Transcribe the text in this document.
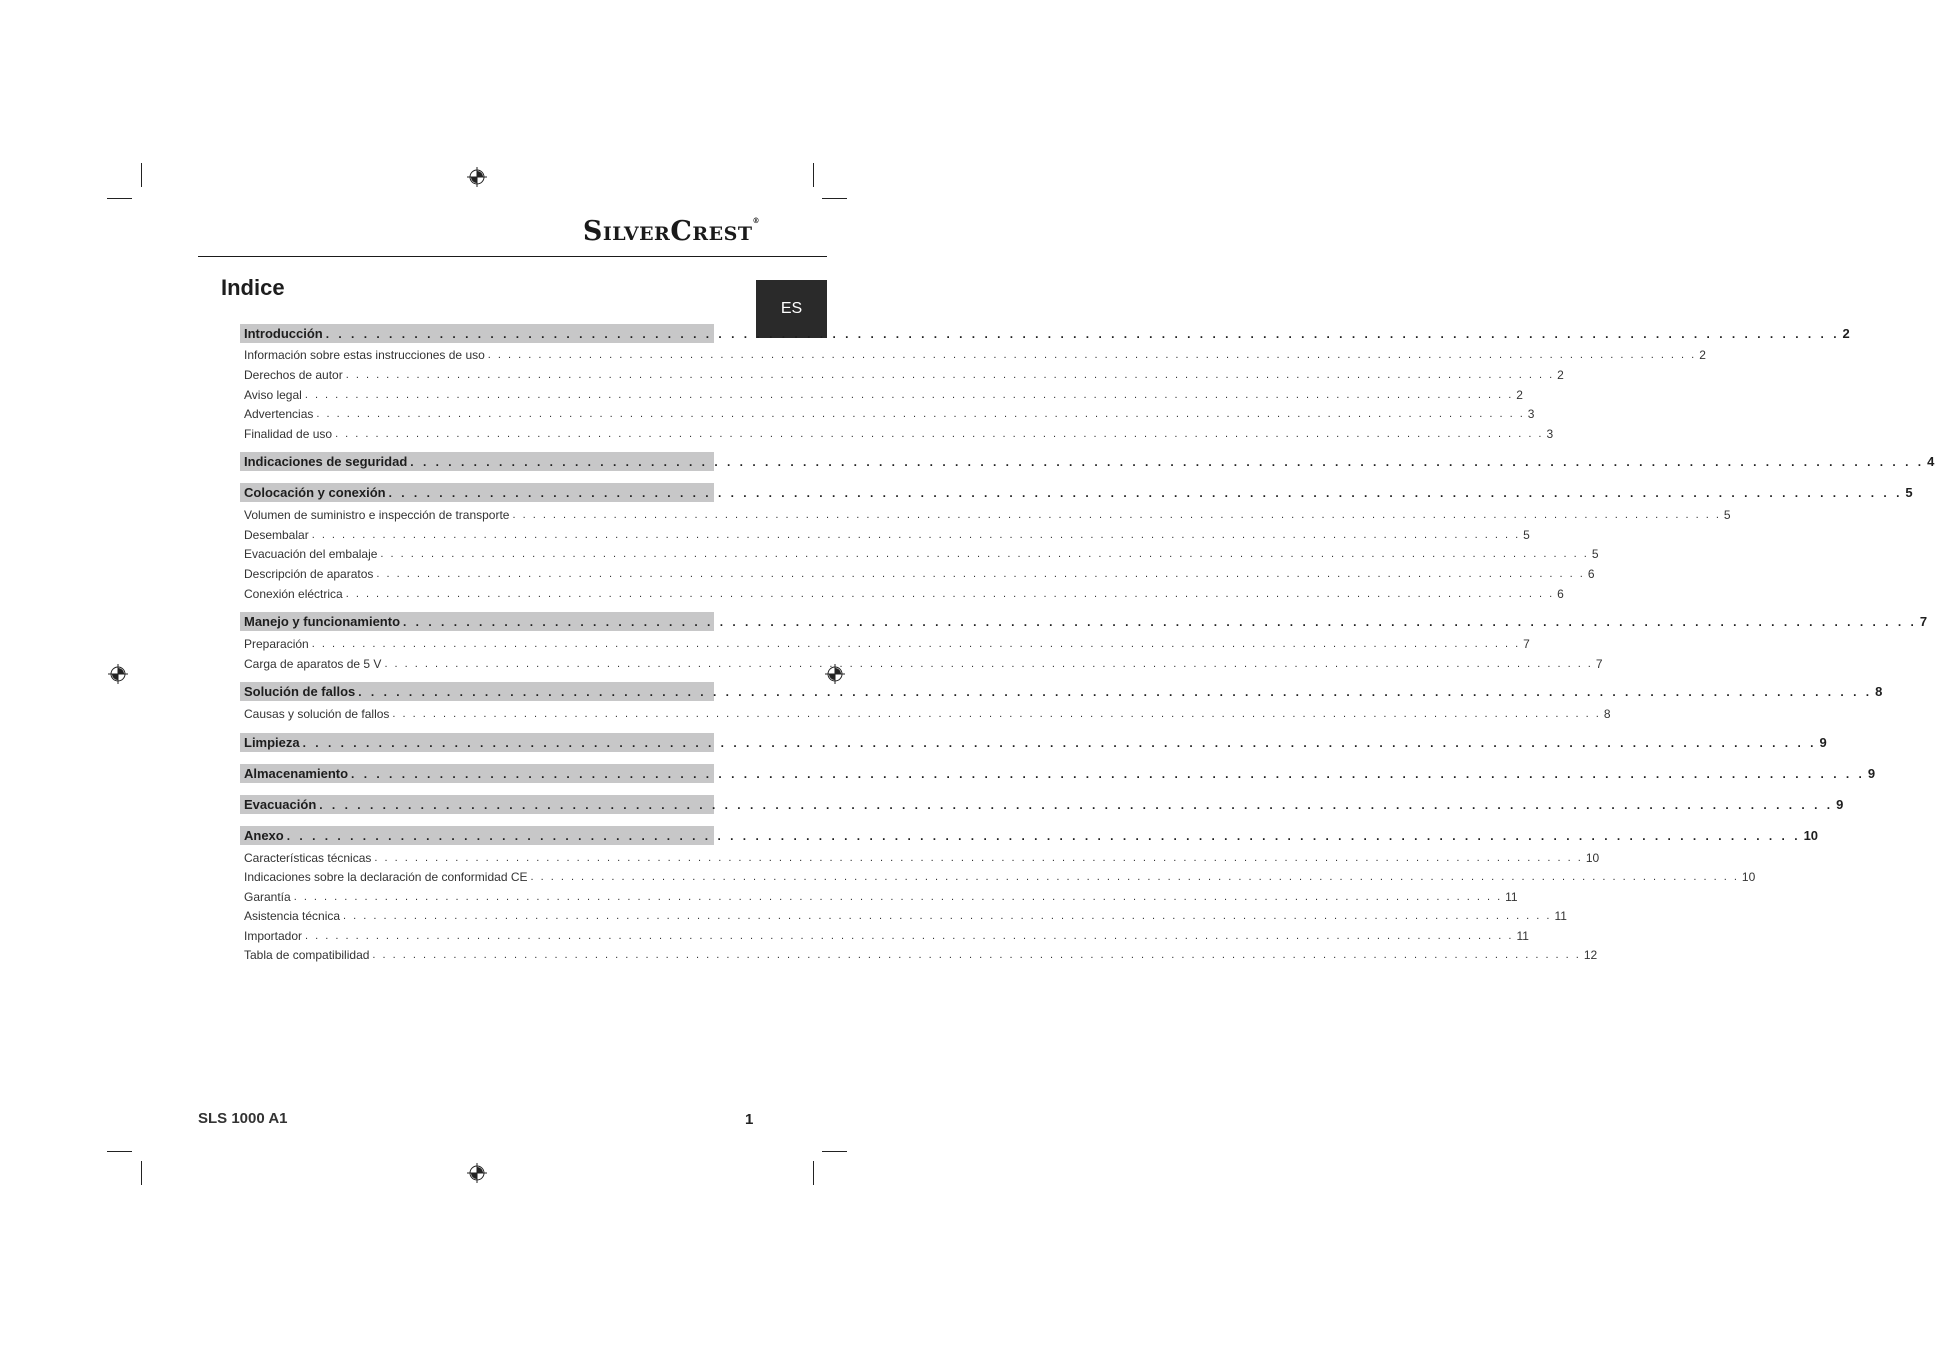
SILVERCREST®
Indice
ES
Introducción . . . . . . . . . . . . . . . . . . . . . . . . . . . . . . . . . . . . . . . . . . . . . . . . . . . . . . . . . . . . . . . . . . . . . . . . . . . . . . . . . . . . . . . . . . . . . . . . . . . . . . . . . . . . . . . . . . . . . . . . 2
Información sobre estas instrucciones de uso . . . . . . . . . . . . . . . . . . . . . . . . . . . . . . . . . . . . . . . . . . . . . . . . . . . . . . . . . . . . . . . . . . . . . . . . . . . . . . . . . . . . . . . . . . . . . . . . . . . . . . . . . . . . . . . . . . . . . . . . 2
Derechos de autor . . . . . . . . . . . . . . . . . . . . . . . . . . . . . . . . . . . . . . . . . . . . . . . . . . . . . . . . . . . . . . . . . . . . . . . . . . . . . . . . . . . . . . . . . . . . . . . . . . . . . . . . . . . . . . . . . . . . . . . . 2
Aviso legal . . . . . . . . . . . . . . . . . . . . . . . . . . . . . . . . . . . . . . . . . . . . . . . . . . . . . . . . . . . . . . . . . . . . . . . . . . . . . . . . . . . . . . . . . . . . . . . . . . . . . . . . . . . . . . . . . . . . . . . . 2
Advertencias . . . . . . . . . . . . . . . . . . . . . . . . . . . . . . . . . . . . . . . . . . . . . . . . . . . . . . . . . . . . . . . . . . . . . . . . . . . . . . . . . . . . . . . . . . . . . . . . . . . . . . . . . . . . . . . . . . . . . . . . 3
Finalidad de uso . . . . . . . . . . . . . . . . . . . . . . . . . . . . . . . . . . . . . . . . . . . . . . . . . . . . . . . . . . . . . . . . . . . . . . . . . . . . . . . . . . . . . . . . . . . . . . . . . . . . . . . . . . . . . . . . . . . . . . . . 3
Indicaciones de seguridad . . . . . . . . . . . . . . . . . . . . . . . . . . . . . . . . . . . . . . . . . . . . . . . . . . . . . . . . . . . . . . . . . . . . . . . . . . . . . . . . . . . . . . . . . . . . . . . . . . . . . . . . . . . . . . . . . . . . . . . . 4
Colocación y conexión . . . . . . . . . . . . . . . . . . . . . . . . . . . . . . . . . . . . . . . . . . . . . . . . . . . . . . . . . . . . . . . . . . . . . . . . . . . . . . . . . . . . . . . . . . . . . . . . . . . . . . . . . . . . . . . . . . . . . . . . 5
Volumen de suministro e inspección de transporte . . . . . . . . . . . . . . . . . . . . . . . . . . . . . . . . . . . . . . . . . . . . . . . . . . . . . . . . . . . . . . . . . . . . . . . . . . . . . . . . . . . . . . . . . . . . . . . . . . . . . . . . . . . . . . . . . . . . . . . . 5
Desembalar . . . . . . . . . . . . . . . . . . . . . . . . . . . . . . . . . . . . . . . . . . . . . . . . . . . . . . . . . . . . . . . . . . . . . . . . . . . . . . . . . . . . . . . . . . . . . . . . . . . . . . . . . . . . . . . . . . . . . . . . 5
Evacuación del embalaje . . . . . . . . . . . . . . . . . . . . . . . . . . . . . . . . . . . . . . . . . . . . . . . . . . . . . . . . . . . . . . . . . . . . . . . . . . . . . . . . . . . . . . . . . . . . . . . . . . . . . . . . . . . . . . . . . . . . . . . . 5
Descripción de aparatos . . . . . . . . . . . . . . . . . . . . . . . . . . . . . . . . . . . . . . . . . . . . . . . . . . . . . . . . . . . . . . . . . . . . . . . . . . . . . . . . . . . . . . . . . . . . . . . . . . . . . . . . . . . . . . . . . . . . . . . . 6
Conexión eléctrica . . . . . . . . . . . . . . . . . . . . . . . . . . . . . . . . . . . . . . . . . . . . . . . . . . . . . . . . . . . . . . . . . . . . . . . . . . . . . . . . . . . . . . . . . . . . . . . . . . . . . . . . . . . . . . . . . . . . . . . . 6
Manejo y funcionamiento . . . . . . . . . . . . . . . . . . . . . . . . . . . . . . . . . . . . . . . . . . . . . . . . . . . . . . . . . . . . . . . . . . . . . . . . . . . . . . . . . . . . . . . . . . . . . . . . . . . . . . . . . . . . . . . . . . . . . . . . 7
Preparación . . . . . . . . . . . . . . . . . . . . . . . . . . . . . . . . . . . . . . . . . . . . . . . . . . . . . . . . . . . . . . . . . . . . . . . . . . . . . . . . . . . . . . . . . . . . . . . . . . . . . . . . . . . . . . . . . . . . . . . . 7
Carga de aparatos de 5 V . . . . . . . . . . . . . . . . . . . . . . . . . . . . . . . . . . . . . . . . . . . . . . . . . . . . . . . . . . . . . . . . . . . . . . . . . . . . . . . . . . . . . . . . . . . . . . . . . . . . . . . . . . . . . . . . . . . . . . . . 7
Solución de fallos . . . . . . . . . . . . . . . . . . . . . . . . . . . . . . . . . . . . . . . . . . . . . . . . . . . . . . . . . . . . . . . . . . . . . . . . . . . . . . . . . . . . . . . . . . . . . . . . . . . . . . . . . . . . . . . . . . . . . . . . 8
Causas y solución de fallos . . . . . . . . . . . . . . . . . . . . . . . . . . . . . . . . . . . . . . . . . . . . . . . . . . . . . . . . . . . . . . . . . . . . . . . . . . . . . . . . . . . . . . . . . . . . . . . . . . . . . . . . . . . . . . . . . . . . . . . . 8
Limpieza . . . . . . . . . . . . . . . . . . . . . . . . . . . . . . . . . . . . . . . . . . . . . . . . . . . . . . . . . . . . . . . . . . . . . . . . . . . . . . . . . . . . . . . . . . . . . . . . . . . . . . . . . . . . . . . . . . . . . . . . 9
Almacenamiento . . . . . . . . . . . . . . . . . . . . . . . . . . . . . . . . . . . . . . . . . . . . . . . . . . . . . . . . . . . . . . . . . . . . . . . . . . . . . . . . . . . . . . . . . . . . . . . . . . . . . . . . . . . . . . . . . . . . . . . . 9
Evacuación . . . . . . . . . . . . . . . . . . . . . . . . . . . . . . . . . . . . . . . . . . . . . . . . . . . . . . . . . . . . . . . . . . . . . . . . . . . . . . . . . . . . . . . . . . . . . . . . . . . . . . . . . . . . . . . . . . . . . . . . 9
Anexo . . . . . . . . . . . . . . . . . . . . . . . . . . . . . . . . . . . . . . . . . . . . . . . . . . . . . . . . . . . . . . . . . . . . . . . . . . . . . . . . . . . . . . . . . . . . . . . . . . . . . . . . . . . . . . . . . . . . . . . . 10
Características técnicas . . . . . . . . . . . . . . . . . . . . . . . . . . . . . . . . . . . . . . . . . . . . . . . . . . . . . . . . . . . . . . . . . . . . . . . . . . . . . . . . . . . . . . . . . . . . . . . . . . . . . . . . . . . . . . . . . . . . . . . . 10
Indicaciones sobre la declaración de conformidad CE . . . . . . . . . . . . . . . . . . . . . . . . . . . . . . . . . . . . . . . . . . . . . . . . . . . . . . . . . . . . . . . . . . . . . . . . . . . . . . . . . . . . . . . . . . . . . . . . . . . . . . . . . . . . . . . . . . . . . . . . 10
Garantía . . . . . . . . . . . . . . . . . . . . . . . . . . . . . . . . . . . . . . . . . . . . . . . . . . . . . . . . . . . . . . . . . . . . . . . . . . . . . . . . . . . . . . . . . . . . . . . . . . . . . . . . . . . . . . . . . . . . . . . . 11
Asistencia técnica . . . . . . . . . . . . . . . . . . . . . . . . . . . . . . . . . . . . . . . . . . . . . . . . . . . . . . . . . . . . . . . . . . . . . . . . . . . . . . . . . . . . . . . . . . . . . . . . . . . . . . . . . . . . . . . . . . . . . . . . 11
Importador . . . . . . . . . . . . . . . . . . . . . . . . . . . . . . . . . . . . . . . . . . . . . . . . . . . . . . . . . . . . . . . . . . . . . . . . . . . . . . . . . . . . . . . . . . . . . . . . . . . . . . . . . . . . . . . . . . . . . . . . 11
Tabla de compatibilidad . . . . . . . . . . . . . . . . . . . . . . . . . . . . . . . . . . . . . . . . . . . . . . . . . . . . . . . . . . . . . . . . . . . . . . . . . . . . . . . . . . . . . . . . . . . . . . . . . . . . . . . . . . . . . . . . . . . . . . . . 12
SLS 1000 A1	1
